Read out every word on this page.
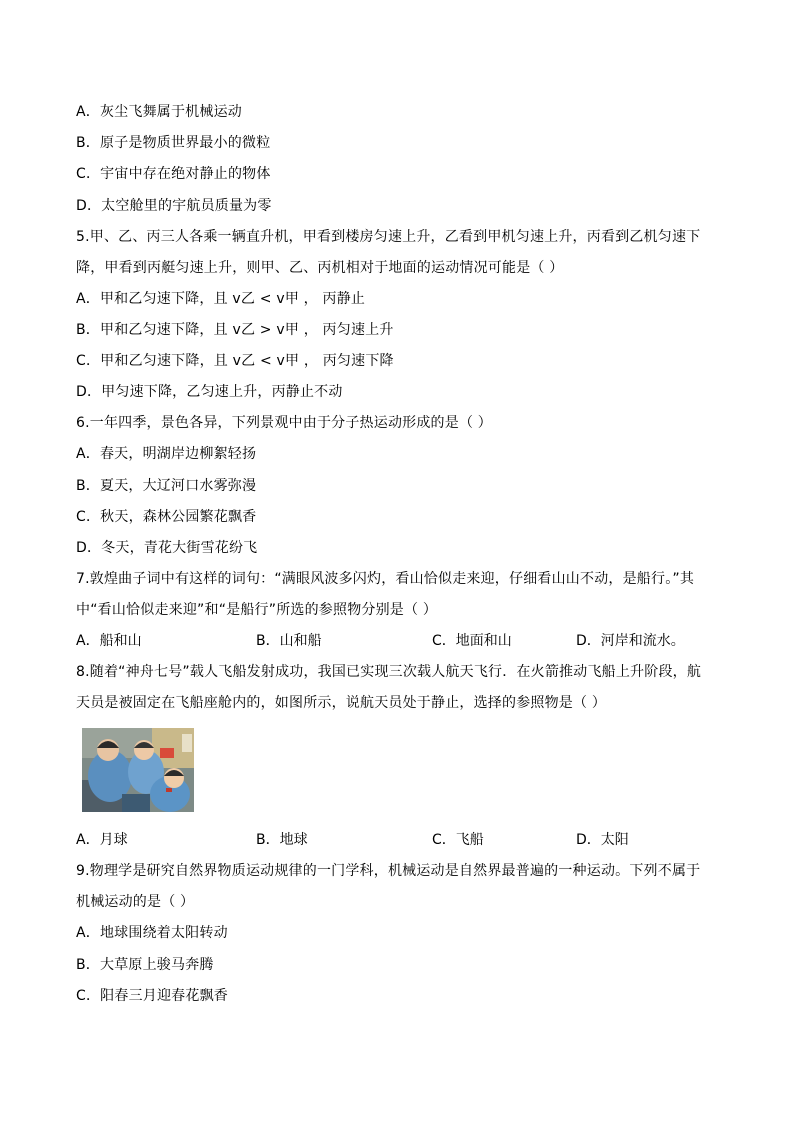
A．灰尘飞舞属于机械运动
B．原子是物质世界最小的微粒
C．宇宙中存在绝对静止的物体
D．太空舱里的宇航员质量为零
5.甲、乙、丙三人各乘一辆直升机，甲看到楼房匀速上升，乙看到甲机匀速上升，丙看到乙机匀速下
降，甲看到丙艇匀速上升，则甲、乙、丙机相对于地面的运动情况可能是（ ）
A．甲和乙匀速下降，且 v乙 < v甲 ， 丙静止
B．甲和乙匀速下降，且 v乙 > v甲 ， 丙匀速上升
C．甲和乙匀速下降，且 v乙 < v甲 ， 丙匀速下降
D．甲匀速下降，乙匀速上升，丙静止不动
6.一年四季，景色各异，下列景观中由于分子热运动形成的是（ ）
A．春天，明湖岸边柳絮轻扬
B．夏天，大辽河口水雾弥漫
C．秋天，森林公园繁花飘香
D．冬天，青花大街雪花纷飞
7.敦煌曲子词中有这样的词句：“满眼风波多闪灼，看山恰似走来迎，仔细看山山不动，是船行。”其
中“看山恰似走来迎”和“是船行”所选的参照物分别是（ ）
A．船和山	B．山和船	C．地面和山	D．河岸和流水。
8.随着“神舟七号”载人飞船发射成功，我国已实现三次载人航天飞行．在火箭推动飞船上升阶段，航
天员是被固定在飞船座舱内的，如图所示，说航天员处于静止，选择的参照物是（ ）
A．月球	B．地球	C．飞船	D．太阳
9.物理学是研究自然界物质运动规律的一门学科，机械运动是自然界最普遍的一种运动。下列不属于
机械运动的是（ ）
A．地球围绕着太阳转动
B．大草原上骏马奔腾
C．阳春三月迎春花飘香
